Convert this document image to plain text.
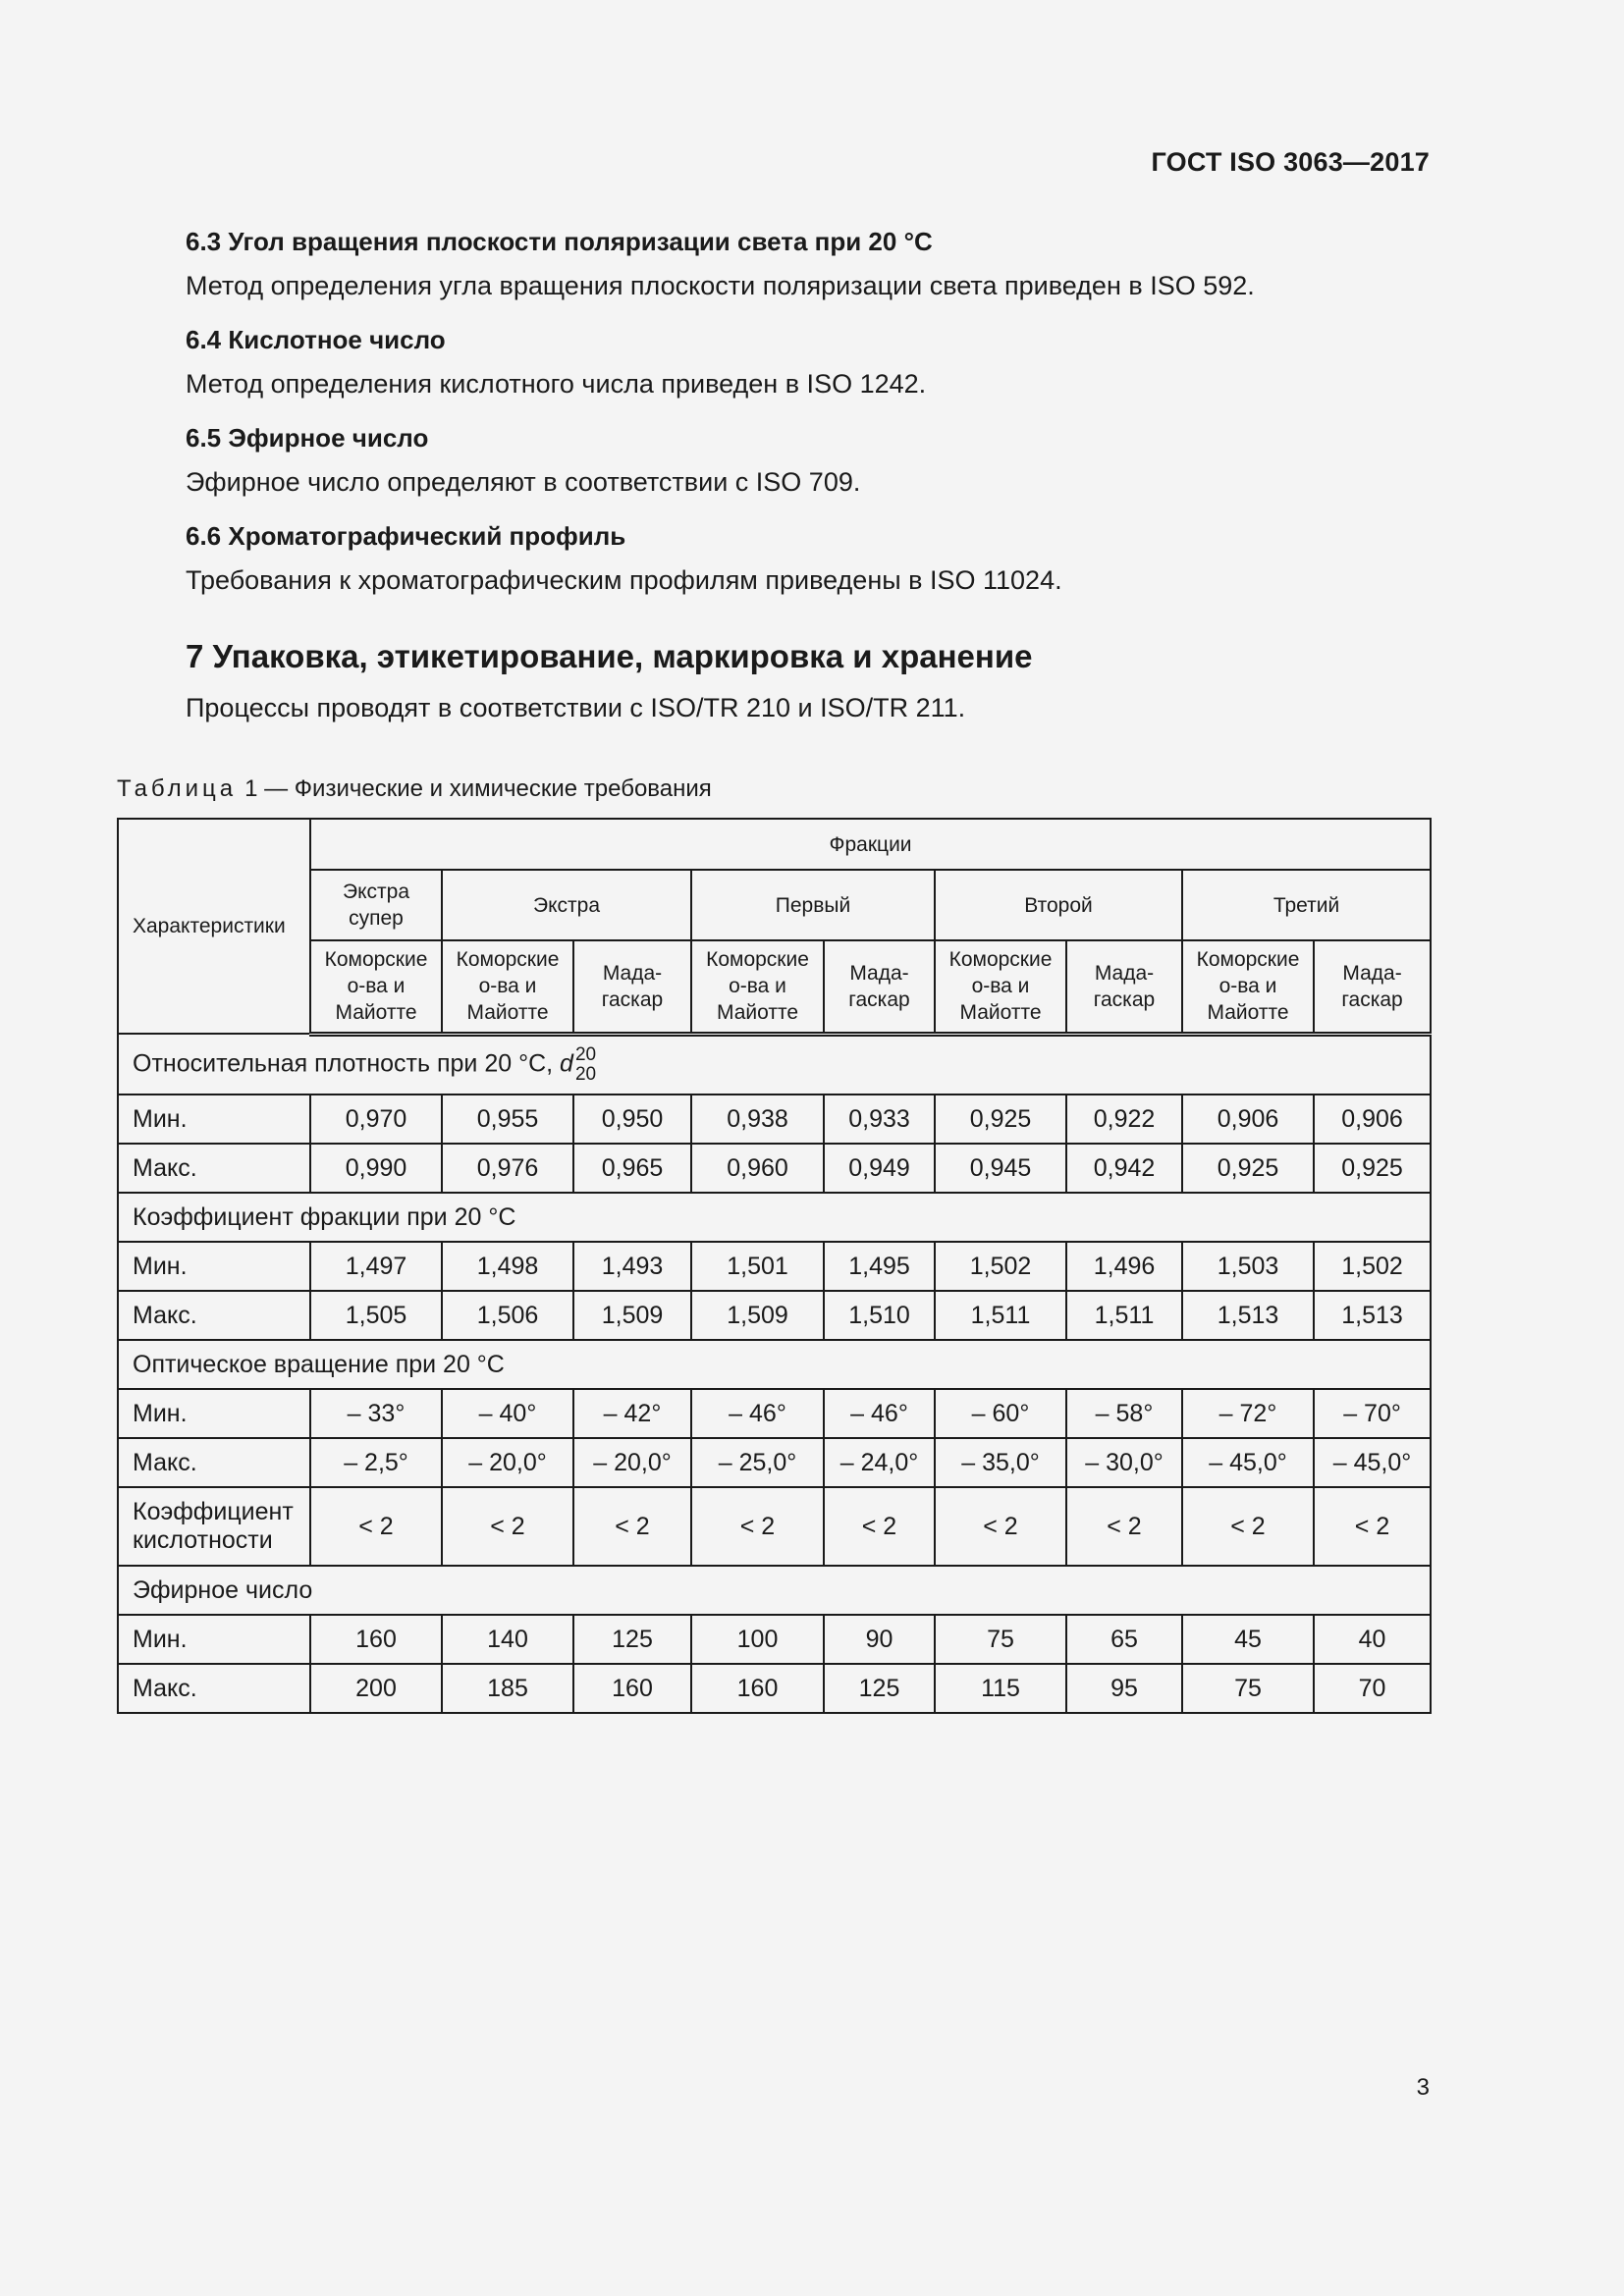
ГОСТ ISO 3063—2017

6.3 Угол вращения плоскости поляризации света при 20 °C

Метод определения угла вращения плоскости поляризации света приведен в ISO 592.

6.4 Кислотное число

Метод определения кислотного числа приведен в ISO 1242.

6.5 Эфирное число

Эфирное число определяют в соответствии с ISO 709.

6.6 Хроматографический профиль

Требования к хроматографическим профилям приведены в ISO 11024.

7 Упаковка, этикетирование, маркировка и хранение

Процессы проводят в соответствии с ISO/TR 210 и ISO/TR 211.

Таблица 1 — Физические и химические требования
Характеристики	Фракции								
	Экстра супер	Экстра		Первый		Второй		Третий	
	Коморские о-ва и Майотте	Коморские о-ва и Майотте	Мада-гаскар	Коморские о-ва и Майотте	Мада-гаскар	Коморские о-ва и Майотте	Мада-гаскар	Коморские о-ва и Майотте	Мада-гаскар
Относительная плотность при 20 °C, d 20
20									
Мин.	0,970	0,955	0,950	0,938	0,933	0,925	0,922	0,906	0,906
Макс.	0,990	0,976	0,965	0,960	0,949	0,945	0,942	0,925	0,925
Коэффициент фракции при 20 °C									
Мин.	1,497	1,498	1,493	1,501	1,495	1,502	1,496	1,503	1,502
Макс.	1,505	1,506	1,509	1,509	1,510	1,511	1,511	1,513	1,513
Оптическое вращение при 20 °C									
Мин.	– 33°	– 40°	– 42°	– 46°	– 46°	– 60°	– 58°	– 72°	– 70°
Макс.	– 2,5°	– 20,0°	– 20,0°	– 25,0°	– 24,0°	– 35,0°	– 30,0°	– 45,0°	– 45,0°
Коэффициент кислотности	< 2	< 2	< 2	< 2	< 2	< 2	< 2	< 2	< 2
Эфирное число									
Мин.	160	140	125	100	90	75	65	45	40
Макс.	200	185	160	160	125	115	95	75	70
3
